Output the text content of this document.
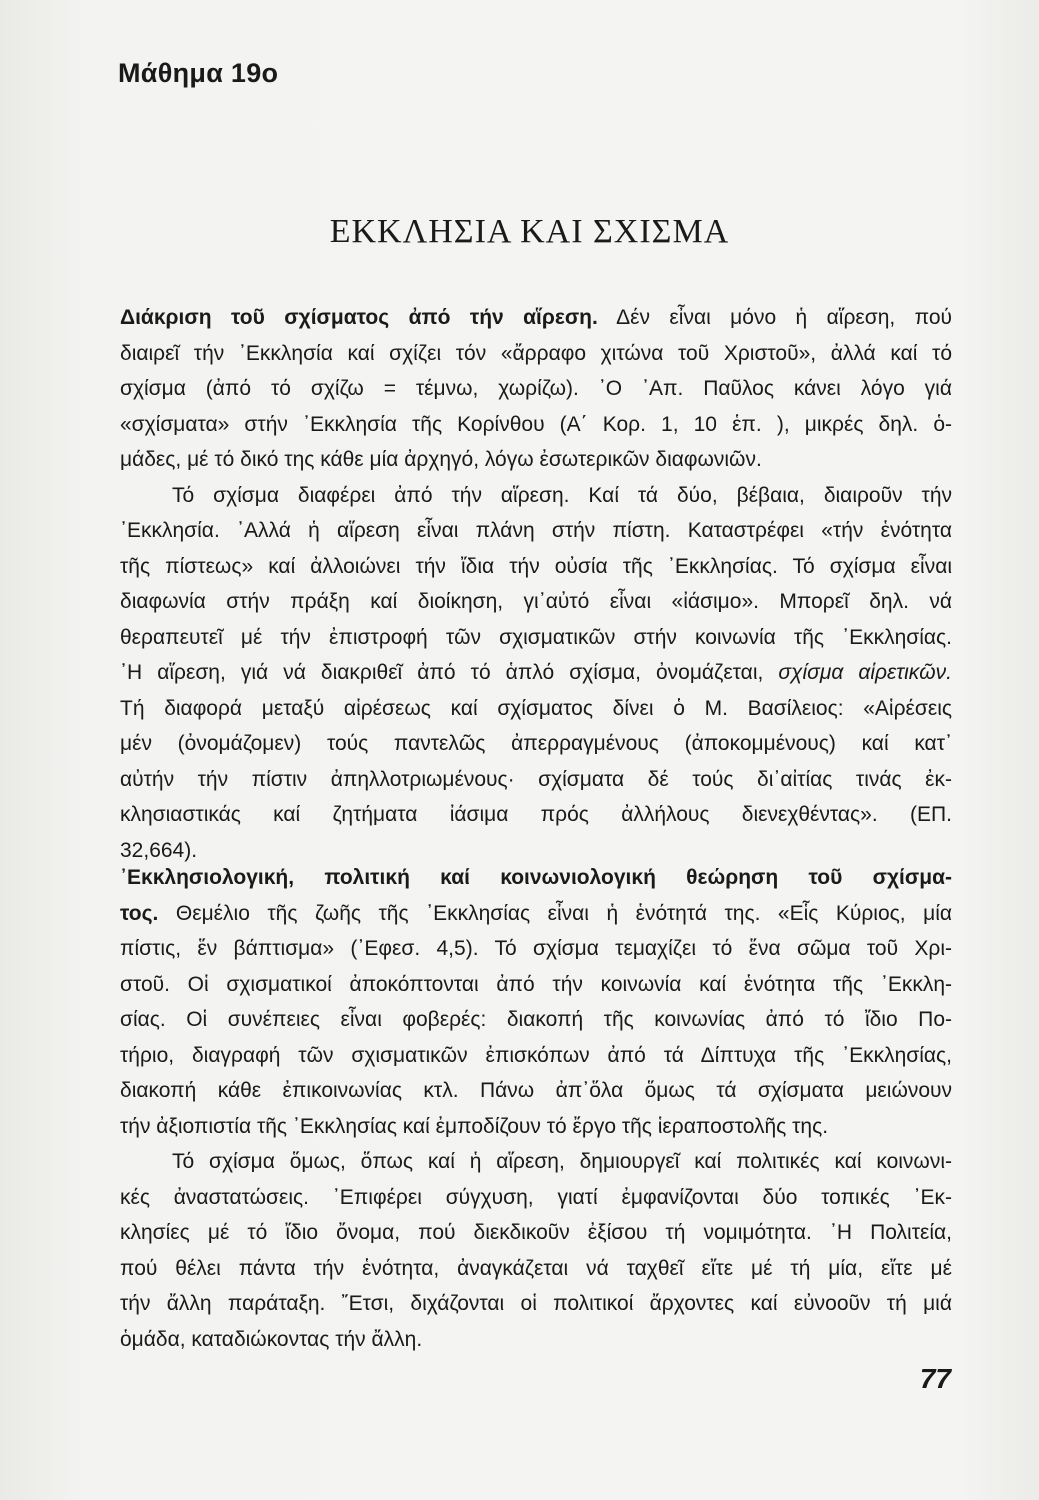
Μάθημα 19ο
ΕΚΚΛΗΣΙΑ ΚΑΙ ΣΧΙΣΜΑ
Διάκριση τοῦ σχίσματος ἀπό τήν αἵρεση. Δέν εἶναι μόνο ἡ αἵρεση, πού
διαιρεῖ τήν ᾽Εκκλησία καί σχίζει τόν «ἄρραφο χιτώνα τοῦ Χριστοῦ», ἀλλά καί τό
σχίσμα (ἀπό τό σχίζω = τέμνω, χωρίζω). ᾽Ο ᾽Απ. Παῦλος κάνει λόγο γιά
«σχίσματα» στήν ᾽Εκκλησία τῆς Κορίνθου (Α΄ Κορ. 1, 10 ἑπ. ), μικρές δηλ. ὁ-
μάδες, μέ τό δικό της κάθε μία ἀρχηγό, λόγω ἐσωτερικῶν διαφωνιῶν.
Τό σχίσμα διαφέρει ἀπό τήν αἵρεση. Καί τά δύο, βέβαια, διαιροῦν τήν
᾽Εκκλησία. ᾽Αλλά ἡ αἵρεση εἶναι πλάνη στήν πίστη. Καταστρέφει «τήν ἑνότητα
τῆς πίστεως» καί ἀλλοιώνει τήν ἴδια τήν οὐσία τῆς ᾽Εκκλησίας. Τό σχίσμα εἶναι
διαφωνία στήν πράξη καί διοίκηση, γι᾽αὐτό εἶναι «ἰάσιμο». Μπορεῖ δηλ. νά
θεραπευτεῖ μέ τήν ἐπιστροφή τῶν σχισματικῶν στήν κοινωνία τῆς ᾽Εκκλησίας.
᾽Η αἵρεση, γιά νά διακριθεῖ ἀπό τό ἁπλό σχίσμα, ὀνομάζεται, σχίσμα αἱρετικῶν.
Τή διαφορά μεταξύ αἱρέσεως καί σχίσματος δίνει ὁ Μ. Βασίλειος: «Αἱρέσεις
μέν (ὀνομάζομεν) τούς παντελῶς ἀπερραγμένους (ἀποκομμένους) καί κατ᾽
αὐτήν τήν πίστιν ἀπηλλοτριωμένους· σχίσματα δέ τούς δι᾽αἰτίας τινάς ἐκ-
κλησιαστικάς καί ζητήματα ἰάσιμα πρός ἀλλήλους διενεχθέντας». (ΕΠ.
32,664).
᾽Εκκλησιολογική, πολιτική καί κοινωνιολογική θεώρηση τοῦ σχίσμα-
τος. Θεμέλιο τῆς ζωῆς τῆς ᾽Εκκλησίας εἶναι ἡ ἑνότητά της. «Εἷς Κύριος, μία
πίστις, ἕν βάπτισμα» (᾽Εφεσ. 4,5). Τό σχίσμα τεμαχίζει τό ἕνα σῶμα τοῦ Χρι-
στοῦ. Οἱ σχισματικοί ἀποκόπτονται ἀπό τήν κοινωνία καί ἑνότητα τῆς ᾽Εκκλη-
σίας. Οἱ συνέπειες εἶναι φοβερές: διακοπή τῆς κοινωνίας ἀπό τό ἴδιο Πο-
τήριο, διαγραφή τῶν σχισματικῶν ἐπισκόπων ἀπό τά Δίπτυχα τῆς ᾽Εκκλησίας,
διακοπή κάθε ἐπικοινωνίας κτλ. Πάνω ἀπ᾽ὅλα ὅμως τά σχίσματα μειώνουν
τήν ἀξιοπιστία τῆς ᾽Εκκλησίας καί ἐμποδίζουν τό ἔργο τῆς ἱεραποστολῆς της.
Τό σχίσμα ὅμως, ὅπως καί ἡ αἵρεση, δημιουργεῖ καί πολιτικές καί κοινωνι-
κές ἀναστατώσεις. ᾽Επιφέρει σύγχυση, γιατί ἐμφανίζονται δύο τοπικές ᾽Εκ-
κλησίες μέ τό ἴδιο ὄνομα, πού διεκδικοῦν ἐξίσου τή νομιμότητα. ᾽Η Πολιτεία,
πού θέλει πάντα τήν ἑνότητα, ἀναγκάζεται νά ταχθεῖ εἴτε μέ τή μία, εἴτε μέ
τήν ἄλλη παράταξη. ῎Ετσι, διχάζονται οἱ πολιτικοί ἄρχοντες καί εὐνοοῦν τή μιά
ὁμάδα, καταδιώκοντας τήν ἄλλη.
77
